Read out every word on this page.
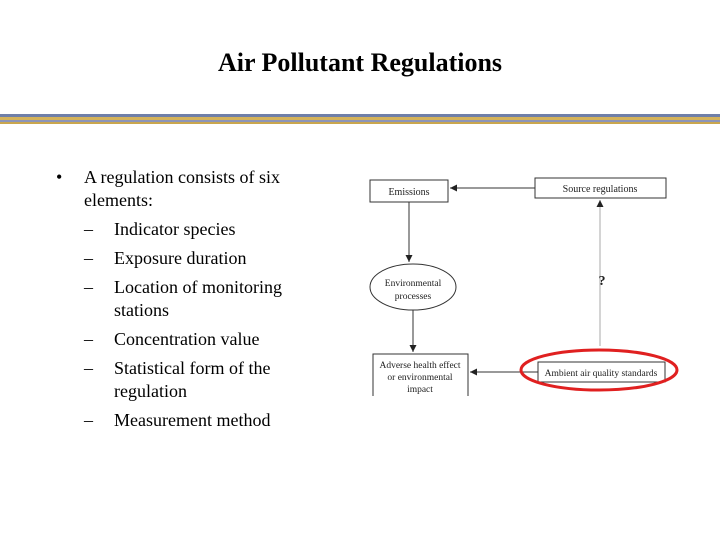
Air Pollutant Regulations
•	A regulation consists of six elements:
–	Indicator species
–	Exposure duration
–	Location of monitoring stations
–	Concentration value
–	Statistical form of the regulation
–	Measurement method
Emissions	Source regulations
Environmental
processes
Adverse health effect
or environmental
impact
Ambient air quality standards
?
